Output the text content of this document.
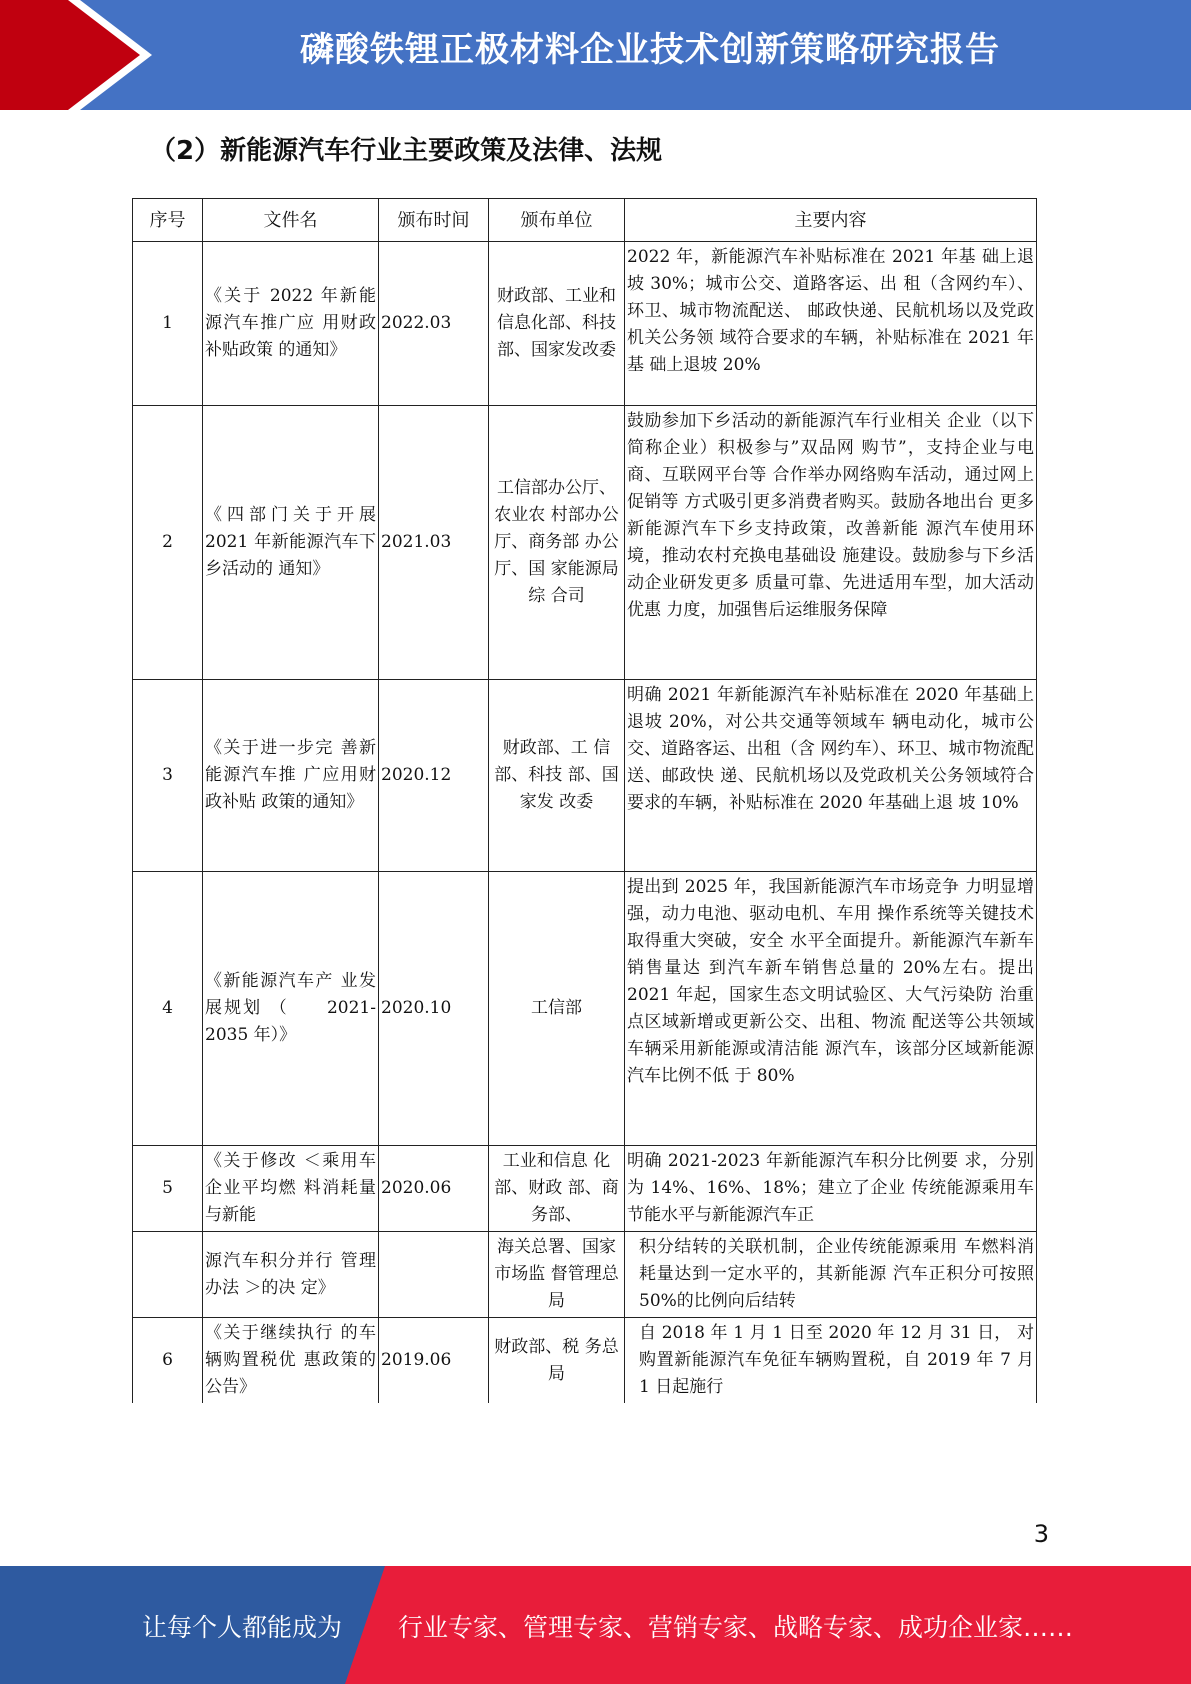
磷酸铁锂正极材料企业技术创新策略研究报告
（2）新能源汽车行业主要政策及法律、法规
序号	文件名	颁布时间	颁布单位	主要内容
1	《关于 2022 年新能源汽车推广应 用财政补贴政策 的通知》	2022.03	财政部、工业和信息化部、科技部、国家发改委	2022 年，新能源汽车补贴标准在 2021 年基 础上退坡 30%；城市公交、道路客运、出 租（含网约车）、环卫、城市物流配送、 邮政快递、民航机场以及党政机关公务领 域符合要求的车辆，补贴标准在 2021 年基 础上退坡 20%
2	《四部门关于开展 2021 年新能源汽车下乡活动的 通知》	2021.03	工信部办公厅、农业农 村部办公厅、商务部 办公厅、国 家能源局综 合司	鼓励参加下乡活动的新能源汽车行业相关 企业（以下简称企业）积极参与”双品网 购节”，支持企业与电商、互联网平台等 合作举办网络购车活动，通过网上促销等 方式吸引更多消费者购买。鼓励各地出台 更多新能源汽车下乡支持政策，改善新能 源汽车使用环境，推动农村充换电基础设 施建设。鼓励参与下乡活动企业研发更多 质量可靠、先进适用车型，加大活动优惠 力度，加强售后运维服务保障
3	《关于进一步完 善新能源汽车推 广应用财政补贴 政策的通知》	2020.12	财政部、工 信部、科技 部、国家发 改委	明确 2021 年新能源汽车补贴标准在 2020 年基础上退坡 20%，对公共交通等领域车 辆电动化，城市公交、道路客运、出租（含 网约车）、环卫、城市物流配送、邮政快 递、民航机场以及党政机关公务领域符合 要求的车辆，补贴标准在 2020 年基础上退 坡 10%
4	《新能源汽车产 业发展规划 （　　2021-2035 年）》	2020.10	工信部	提出到 2025 年，我国新能源汽车市场竞争 力明显增强，动力电池、驱动电机、车用 操作系统等关键技术取得重大突破，安全 水平全面提升。新能源汽车新车销售量达 到汽车新车销售总量的 20%左右。提出 2021 年起，国家生态文明试验区、大气污染防 治重点区域新增或更新公交、出租、物流 配送等公共领域车辆采用新能源或清洁能 源汽车，该部分区域新能源汽车比例不低 于 80%
5	《关于修改 ＜乘用车企业平均燃 料消耗量与新能	2020.06	工业和信息 化部、财政 部、商务部、	明确 2021-2023 年新能源汽车积分比例要 求，分别为 14%、16%、18%；建立了企业 传统能源乘用车节能水平与新能源汽车正
	源汽车积分并行 管理办法 ＞的决 定》		海关总署、国家市场监 督管理总局	积分结转的关联机制，企业传统能源乘用 车燃料消耗量达到一定水平的，其新能源 汽车正积分可按照 50%的比例向后结转
6	《关于继续执行 的车辆购置税优 惠政策的公告》	2019.06	财政部、税 务总局	自 2018 年 1 月 1 日至 2020 年 12 月 31 日， 对购置新能源汽车免征车辆购置税，自 2019 年 7 月 1 日起施行
3
让每个人都能成为 行业专家、管理专家、营销专家、战略专家、成功企业家……
